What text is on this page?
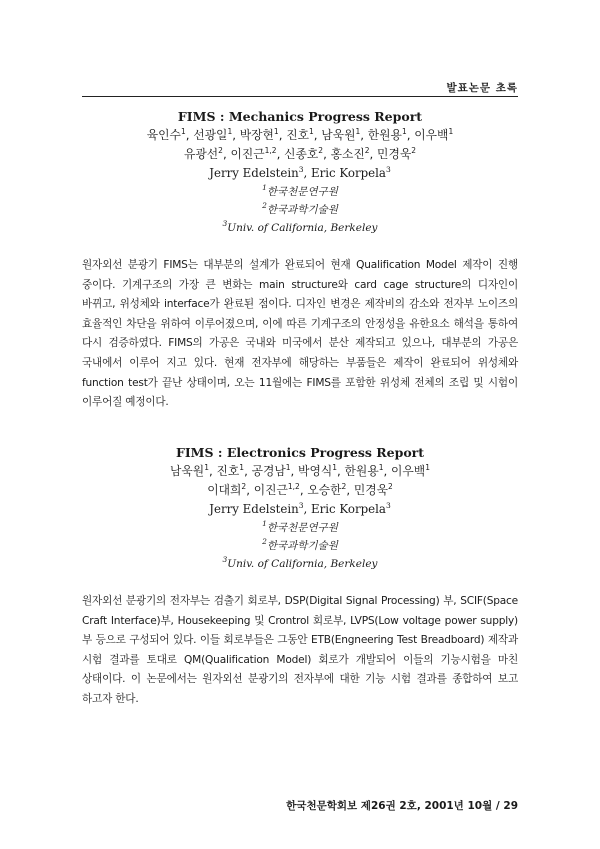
발표논문 초록

FIMS : Mechanics Progress Report

육인수$^1$, 선광일$^1$, 박장현$^1$, 진호$^1$, 남욱원$^1$, 한원용$^1$, 이우백$^1$

유광선$^2$, 이진근$^{1,2}$, 신종호$^2$, 홍소진$^2$, 민경욱$^2$

Jerry Edelstein$^3$, Eric Korpela$^3$

$^1$한국천문연구원

$^2$한국과학기술원

$^3$Univ. of California, Berkeley

원자외선 분광기 FIMS는 대부분의 설계가 완료되어 현재 Qualification Model 제작이 진행 중이다. 기계구조의 가장 큰 변화는 main structure와 card cage structure의 디자인이 바뀌고, 위성체와 interface가 완료된 점이다. 디자인 변경은 제작비의 감소와 전자부 노이즈의 효율적인 차단을 위하여 이루어졌으며, 이에 따른 기계구조의 안정성을 유한요소 해석을 통하여 다시 검증하였다. FIMS의 가공은 국내와 미국에서 분산 제작되고 있으나, 대부분의 가공은 국내에서 이루어 지고 있다. 현재 전자부에 해당하는 부품들은 제작이 완료되어 위성체와 function test가 끝난 상태이며, 오는 11월에는 FIMS를 포함한 위성체 전체의 조립 및 시험이 이루어질 예정이다.

FIMS : Electronics Progress Report

남욱원$^1$, 진호$^1$, 공경남$^1$, 박영식$^1$, 한원용$^1$, 이우백$^1$

이대희$^2$, 이진근$^{1,2}$, 오승한$^2$, 민경욱$^2$

Jerry Edelstein$^3$, Eric Korpela$^3$

$^1$한국천문연구원

$^2$한국과학기술원

$^3$Univ. of California, Berkeley

원자외선 분광기의 전자부는 검출기 회로부, DSP(Digital Signal Processing) 부, SCIF(Space Craft Interface)부, Housekeeping 및 Crontrol 회로부, LVPS(Low voltage power supply) 부 등으로 구성되어 있다. 이들 회로부들은 그동안 ETB(Engneering Test Breadboard) 제작과 시험 결과를 토대로 QM(Qualification Model) 회로가 개발되어 이들의 기능시험을 마친 상태이다. 이 논문에서는 원자외선 분광기의 전자부에 대한 기능 시험 결과를 종합하여 보고 하고자 한다.
한국천문학회보 제26권 2호, 2001년 10월 / 29
